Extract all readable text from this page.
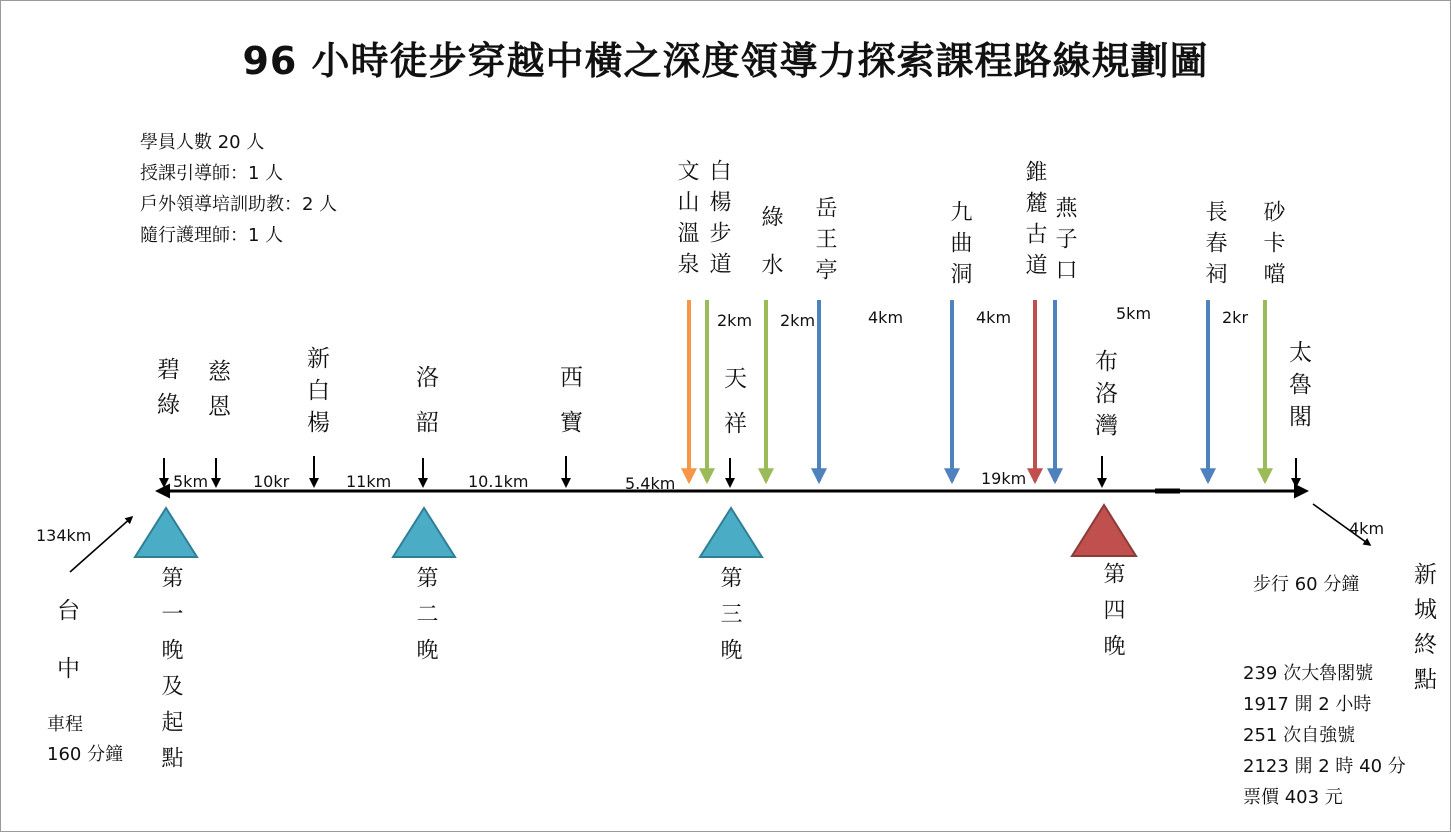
96 小時徒步穿越中橫之深度領導力探索課程路線規劃圖
學員人數 20 人
授課引導師：1 人
戶外領導培訓助教：2 人
隨行護理師：1 人
碧綠 慈恩	新白楊	洛韶	西寶	天祥	布洛灣	太魯閣
台中	新城終點
文山溫泉 白楊步道 綠水 岳王亭	九曲洞 錐麓古道 燕子口	長春祠 砂卡噹
第一晚及起點	第二晚	第三晚	第四晚
134km
5km	10kr	11km	10.1km	5.4km
2km 2km	4km	4km	5km	2kr
19km
4km
車程
160 分鐘
步行 60 分鐘
239 次大魯閣號
1917 開 2 小時
251 次自強號
2123 開 2 時 40 分
票價 403 元
